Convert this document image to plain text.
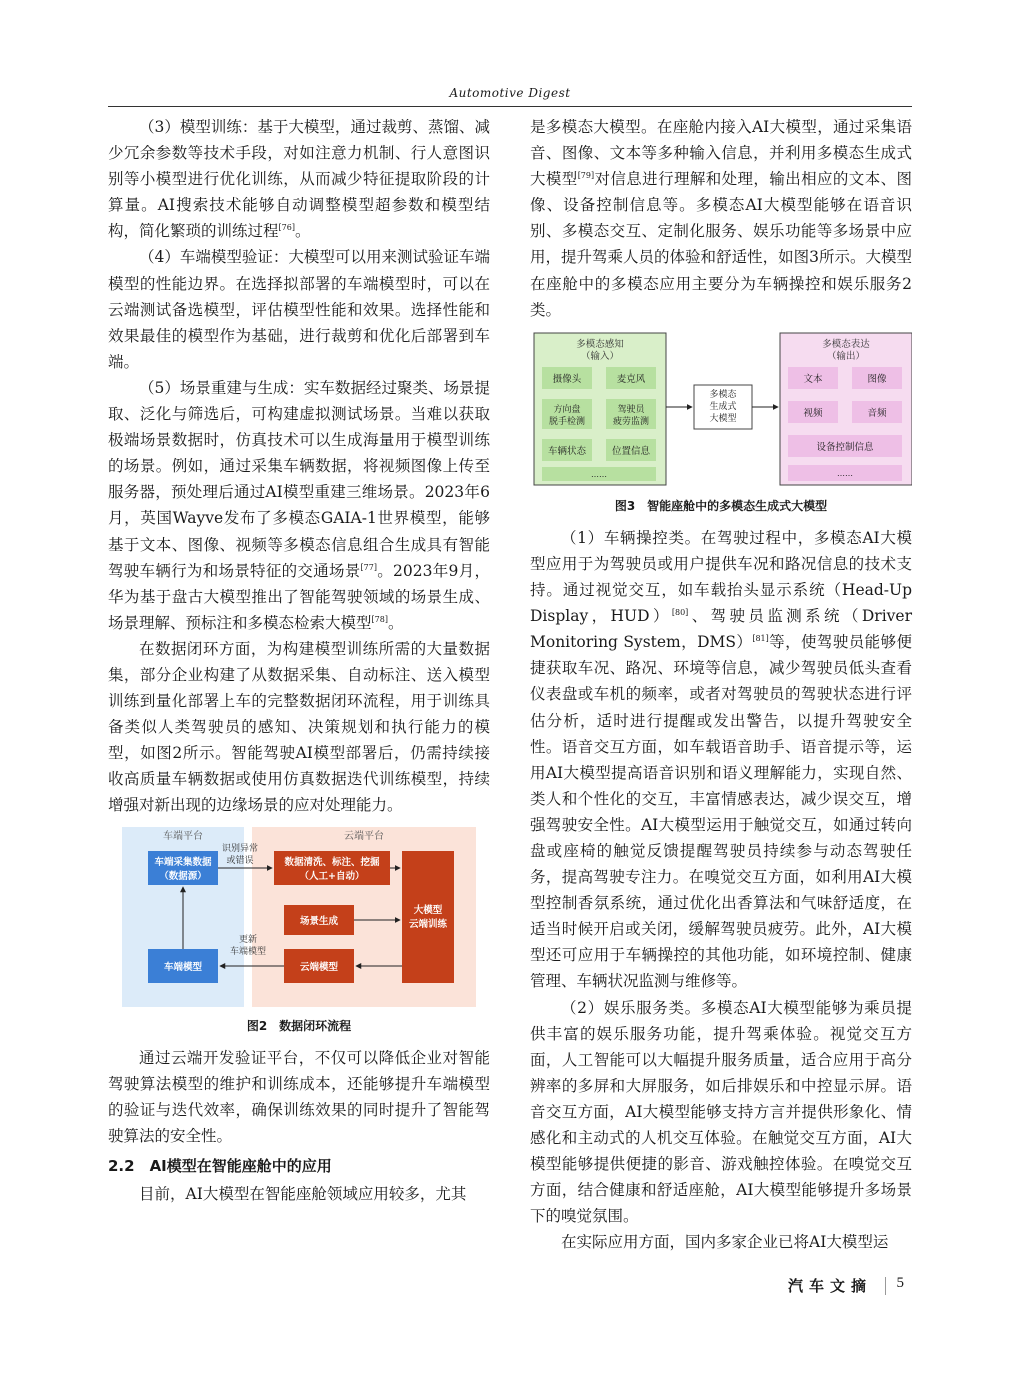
Automotive Digest

（3）模型训练：基于大模型，通过裁剪、蒸馏、减少冗余参数等技术手段，对如注意力机制、行人意图识别等小模型进行优化训练，从而减少特征提取阶段的计算量。AI搜索技术能够自动调整模型超参数和模型结构，简化繁琐的训练过程[76]。

（4）车端模型验证：大模型可以用来测试验证车端模型的性能边界。在选择拟部署的车端模型时，可以在云端测试备选模型，评估模型性能和效果。选择性能和效果最佳的模型作为基础，进行裁剪和优化后部署到车端。

（5）场景重建与生成：实车数据经过聚类、场景提取、泛化与筛选后，可构建虚拟测试场景。当难以获取极端场景数据时，仿真技术可以生成海量用于模型训练的场景。例如，通过采集车辆数据，将视频图像上传至服务器，预处理后通过AI模型重建三维场景。2023年6月，英国Wayve发布了多模态GAIA-1世界模型，能够基于文本、图像、视频等多模态信息组合生成具有智能驾驶车辆行为和场景特征的交通场景[77]。2023年9月，华为基于盘古大模型推出了智能驾驶领域的场景生成、场景理解、预标注和多模态检索大模型[78]。

在数据闭环方面，为构建模型训练所需的大量数据集，部分企业构建了从数据采集、自动标注、送入模型训练到量化部署上车的完整数据闭环流程，用于训练具备类似人类驾驶员的感知、决策规划和执行能力的模型，如图2所示。智能驾驶AI模型部署后，仍需持续接收高质量车辆数据或使用仿真数据迭代训练模型，持续增强对新出现的边缘场景的应对处理能力。

车端平台	云端平台
车端采集数据
（数据源）
车端模型
数据清洗、标注、挖掘
（人工+自动）
场景生成
云端模型
大模型
云端训练
识别异常
或错误
更新
车端模型
图2　数据闭环流程

通过云端开发验证平台，不仅可以降低企业对智能驾驶算法模型的维护和训练成本，还能够提升车端模型的验证与迭代效率，确保训练效果的同时提升了智能驾驶算法的安全性。

2.2　AI模型在智能座舱中的应用

目前，AI大模型在智能座舱领域应用较多，尤其

是多模态大模型。在座舱内接入AI大模型，通过采集语音、图像、文本等多种输入信息，并利用多模态生成式大模型[79]对信息进行理解和处理，输出相应的文本、图像、设备控制信息等。多模态AI大模型能够在语音识别、多模态交互、定制化服务、娱乐功能等多场景中应用，提升驾乘人员的体验和舒适性，如图3所示。大模型在座舱中的多模态应用主要分为车辆操控和娱乐服务2类。

多模态感知
（输入）
摄像头	麦克风
方向盘
脱手检测
驾驶员
疲劳监测
车辆状态	位置信息
……
多模态
生成式
大模型
多模态表达
（输出）
文本	图像
视频	音频
设备控制信息
……
图3　智能座舱中的多模态生成式大模型

（1）车辆操控类。在驾驶过程中，多模态AI大模型应用于为驾驶员或用户提供车况和路况信息的技术支持。通过视觉交互，如车载抬头显示系统（Head-Up Display，HUD）[80]、驾驶员监测系统（Driver Monitoring System，DMS）[81]等，使驾驶员能够便捷获取车况、路况、环境等信息，减少驾驶员低头查看仪表盘或车机的频率，或者对驾驶员的驾驶状态进行评估分析，适时进行提醒或发出警告，以提升驾驶安全性。语音交互方面，如车载语音助手、语音提示等，运用AI大模型提高语音识别和语义理解能力，实现自然、类人和个性化的交互，丰富情感表达，减少误交互，增强驾驶安全性。AI大模型运用于触觉交互，如通过转向盘或座椅的触觉反馈提醒驾驶员持续参与动态驾驶任务，提高驾驶专注力。在嗅觉交互方面，如利用AI大模型控制香氛系统，通过优化出香算法和气味舒适度，在适当时候开启或关闭，缓解驾驶员疲劳。此外，AI大模型还可应用于车辆操控的其他功能，如环境控制、健康管理、车辆状况监测与维修等。

（2）娱乐服务类。多模态AI大模型能够为乘员提供丰富的娱乐服务功能，提升驾乘体验。视觉交互方面，人工智能可以大幅提升服务质量，适合应用于高分辨率的多屏和大屏服务，如后排娱乐和中控显示屏。语音交互方面，AI大模型能够支持方言并提供形象化、情感化和主动式的人机交互体验。在触觉交互方面，AI大模型能够提供便捷的影音、游戏触控体验。在嗅觉交互方面，结合健康和舒适座舱，AI大模型能够提升多场景下的嗅觉氛围。

在实际应用方面，国内多家企业已将AI大模型运

汽车文摘 5
